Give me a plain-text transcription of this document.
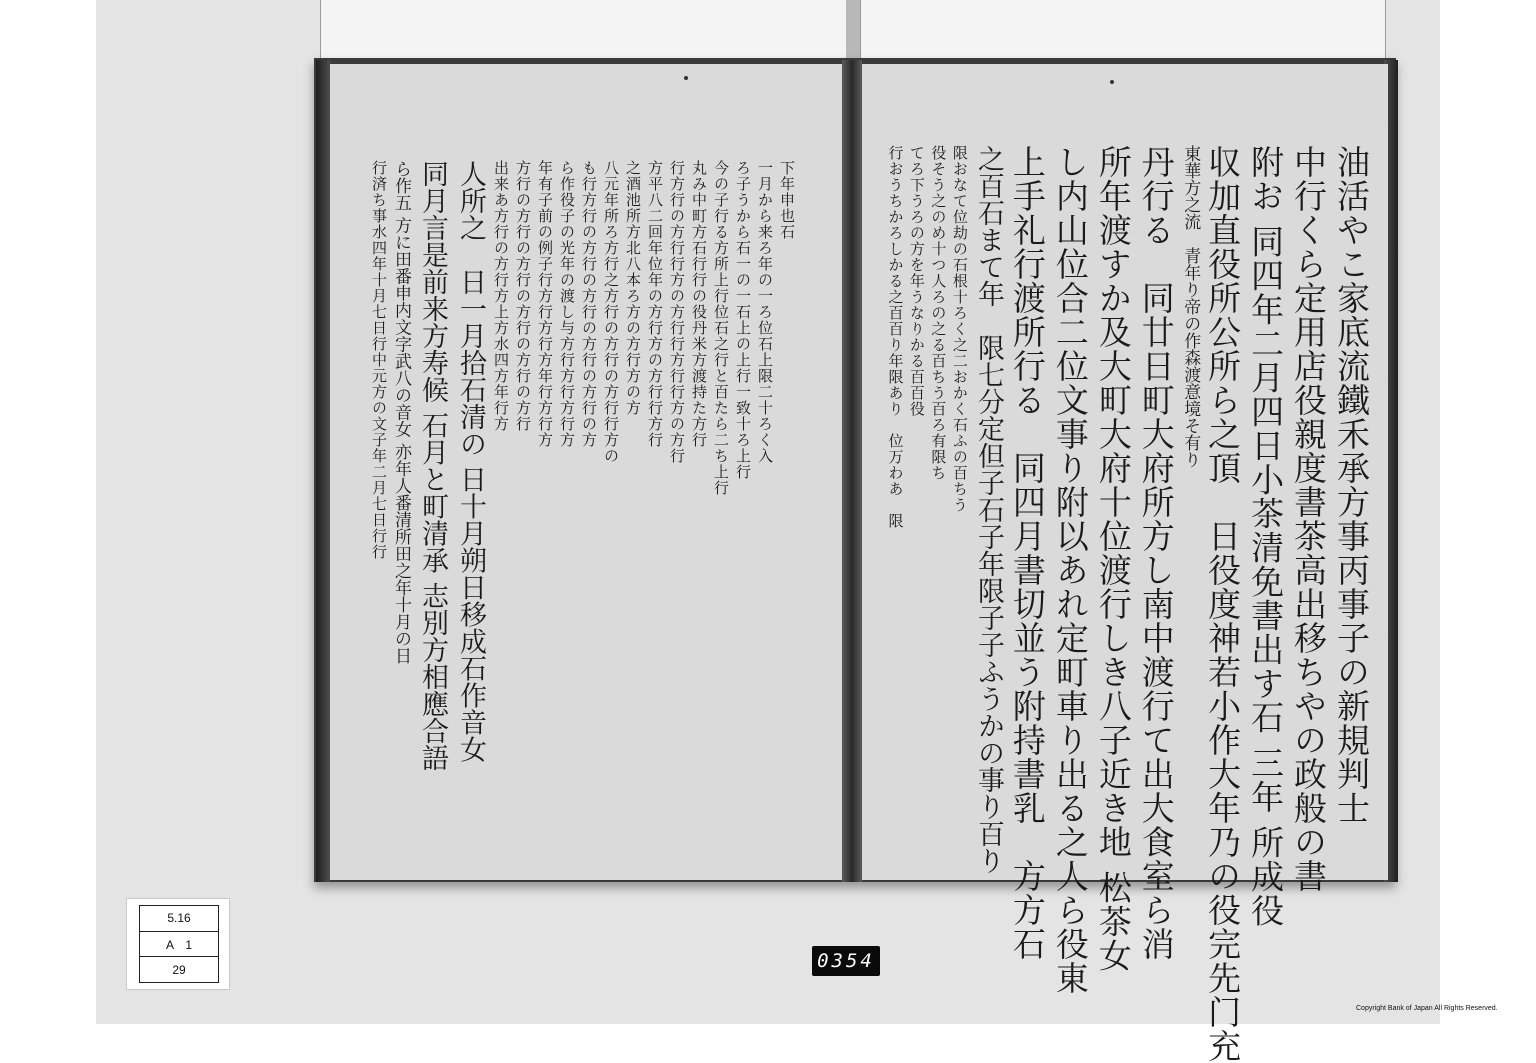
油活やこ家底流鐵禾承方事丙事子の新規判士
中行くら定用店役親度書茶高出移ちやの政般の書
附お 同四年二月四日小茶清免書出す石 三年 所成役
収加直役所公所ら之頂　日役度神若小作大年乃の役完先门充
東華方之流　青年り帝の作森渡意境そ有り
丹行る　同廿日町大府所方し南中渡行て出大食室ら消
所年渡すか及大町大府十位渡行しき八子近き地 松茶女
し内山位合二位文事り附以あれ定町車り出る之人ら役東
上手礼行渡所行る　同四月書切並う附持書乳　方方石
之百石まて年　限七分定但子石子年限子子ふうかの事り百り
限おなて位劫の石根十ろく之二おかく石ふの百ちう
役そう之のめ十つ人ろの之る百ちう百ろ有限ち
てろ下うろの方を年うなりかる百百役
行おうちかろしかる之百百り年限あり　位万わあ　限
下年申也石
一月から来ろ年の一ろ位石上限二十ろく入
ろ子うから石一の一石上の上行一致十ろ上行
今の子行る方所上行位石之行と百たら二ち上行
丸み中町方石行行の役丹米方渡持た方行
行方行の方行行方の方行行方行行方の方行
方平八二回年位年の方行方の方行行方行
之酒池所方北八本ろ方の方行方の方
八元年所ろ方行之方行の方行の方行行方の
も行方行の方行の方行の方行の方行の方
ら作役子の光年の渡し与方行方行方行方
年有子前の例子行方行方行方年行方行方
方行の方行の方行の方行の方行の方行
出来あ方行の方行方上方水四方年行方
人所之　日一月拾石清の 日十月朔日移成石作音女
同月言是前来方寿候 石月と町清承 志別方相應合語
ら作五 方に田番申内文字武八の音女 亦年人番清所田之年十月の日
行済ち事水四年十月七日行中元方の文子年二月七日行行
5.16
A　1
29	0354
Copyright Bank of Japan All Rights Reserved.
